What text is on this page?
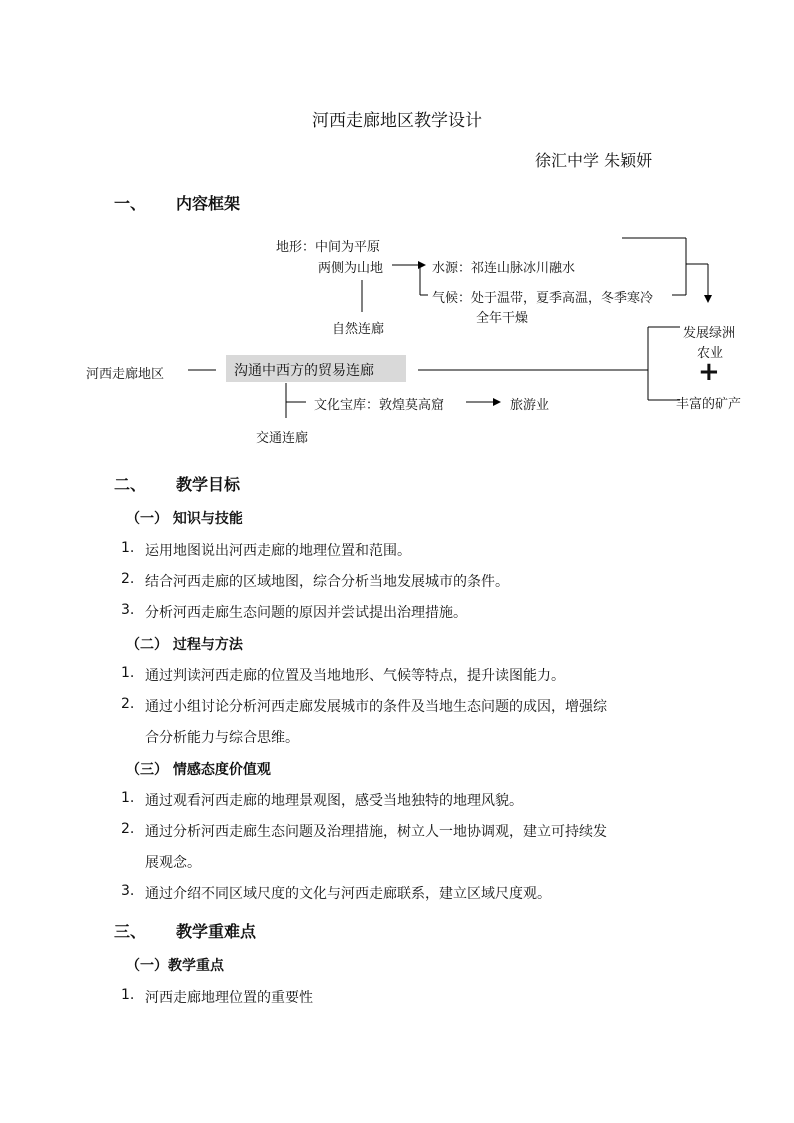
河西走廊地区教学设计
徐汇中学 朱颖妍
一、 内容框架
地形：中间为平原
两侧为山地	水源：祁连山脉冰川融水
气候：处于温带，夏季高温，冬季寒冷
全年干燥
自然连廊
河西走廊地区	沟通中西方的贸易连廊
文化宝库：敦煌莫高窟	旅游业
交通连廊
发展绿洲
农业
+
丰富的矿产
二、 教学目标
（一） 知识与技能
1. 运用地图说出河西走廊的地理位置和范围。
2. 结合河西走廊的区域地图，综合分析当地发展城市的条件。
3. 分析河西走廊生态问题的原因并尝试提出治理措施。
（二） 过程与方法
1. 通过判读河西走廊的位置及当地地形、气候等特点，提升读图能力。
2. 通过小组讨论分析河西走廊发展城市的条件及当地生态问题的成因，增强综
合分析能力与综合思维。
（三） 情感态度价值观
1. 通过观看河西走廊的地理景观图，感受当地独特的地理风貌。
2. 通过分析河西走廊生态问题及治理措施，树立人一地协调观，建立可持续发
展观念。
3. 通过介绍不同区域尺度的文化与河西走廊联系，建立区域尺度观。
三、 教学重难点
（一）教学重点
1. 河西走廊地理位置的重要性
